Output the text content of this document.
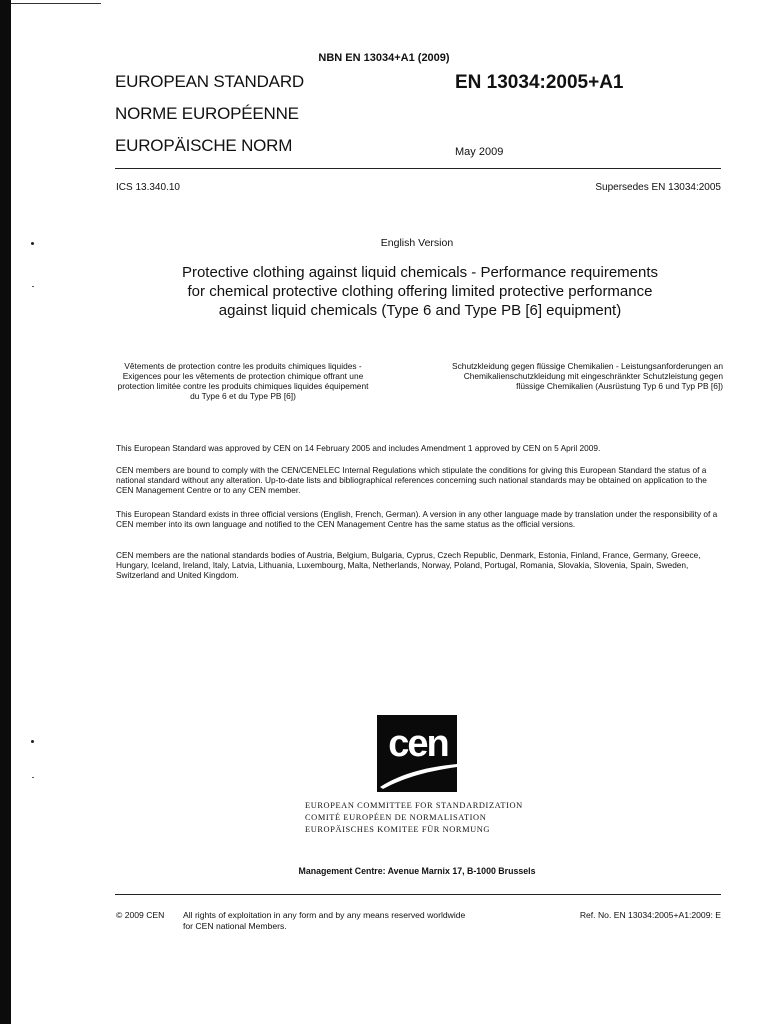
NBN EN 13034+A1 (2009)
EUROPEAN STANDARD
NORME EUROPÉENNE
EUROPÄISCHE NORM
EN 13034:2005+A1
May 2009
ICS 13.340.10	Supersedes EN 13034:2005
English Version
Protective clothing against liquid chemicals - Performance requirements for chemical protective clothing offering limited protective performance against liquid chemicals (Type 6 and Type PB [6] equipment)
Vêtements de protection contre les produits chimiques liquides - Exigences pour les vêtements de protection chimique offrant une protection limitée contre les produits chimiques liquides équipement du Type 6 et du Type PB [6])
Schutzkleidung gegen flüssige Chemikalien - Leistungsanforderungen an Chemikalienschutzkleidung mit eingeschränkter Schutzleistung gegen flüssige Chemikalien (Ausrüstung Typ 6 und Typ PB [6])
This European Standard was approved by CEN on 14 February 2005 and includes Amendment 1 approved by CEN on 5 April 2009.
CEN members are bound to comply with the CEN/CENELEC Internal Regulations which stipulate the conditions for giving this European Standard the status of a national standard without any alteration. Up-to-date lists and bibliographical references concerning such national standards may be obtained on application to the CEN Management Centre or to any CEN member.
This European Standard exists in three official versions (English, French, German). A version in any other language made by translation under the responsibility of a CEN member into its own language and notified to the CEN Management Centre has the same status as the official versions.
CEN members are the national standards bodies of Austria, Belgium, Bulgaria, Cyprus, Czech Republic, Denmark, Estonia, Finland, France, Germany, Greece, Hungary, Iceland, Ireland, Italy, Latvia, Lithuania, Luxembourg, Malta, Netherlands, Norway, Poland, Portugal, Romania, Slovakia, Slovenia, Spain, Sweden, Switzerland and United Kingdom.
cen
EUROPEAN COMMITTEE FOR STANDARDIZATION
COMITÉ EUROPÉEN DE NORMALISATION
EUROPÄISCHES KOMITEE FÜR NORMUNG
Management Centre: Avenue Marnix 17, B-1000 Brussels
© 2009 CEN All rights of exploitation in any form and by any means reserved worldwide for CEN national Members.
Ref. No. EN 13034:2005+A1:2009: E
